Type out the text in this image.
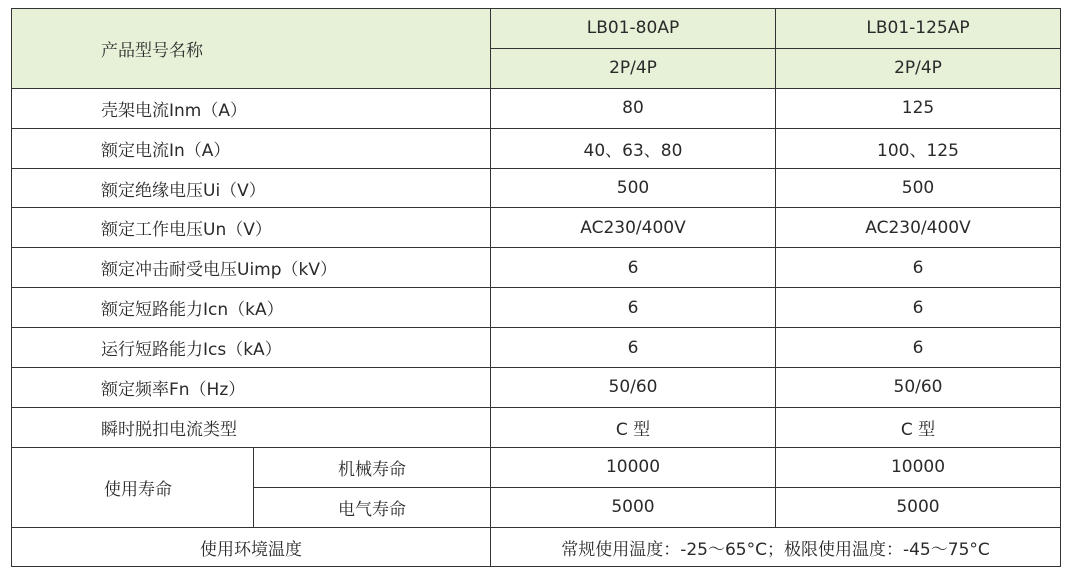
产品型号名称		LB01-80AP	LB01-125AP
		2P/4P	2P/4P
壳架电流Inm（A）		80	125
额定电流In（A）		40、63、80	100、125
额定绝缘电压Ui（V）		500	500
额定工作电压Un（V）		AC230/400V	AC230/400V
额定冲击耐受电压Uimp（kV）		6	6
额定短路能力Icn（kA）		6	6
运行短路能力Ics（kA）		6	6
额定频率Fn（Hz）		50/60	50/60
瞬时脱扣电流类型		C 型	C 型
使用寿命	机械寿命	10000	10000
	电气寿命	5000	5000
使用环境温度		常规使用温度：-25～65°C；极限使用温度：-45～75°C	
